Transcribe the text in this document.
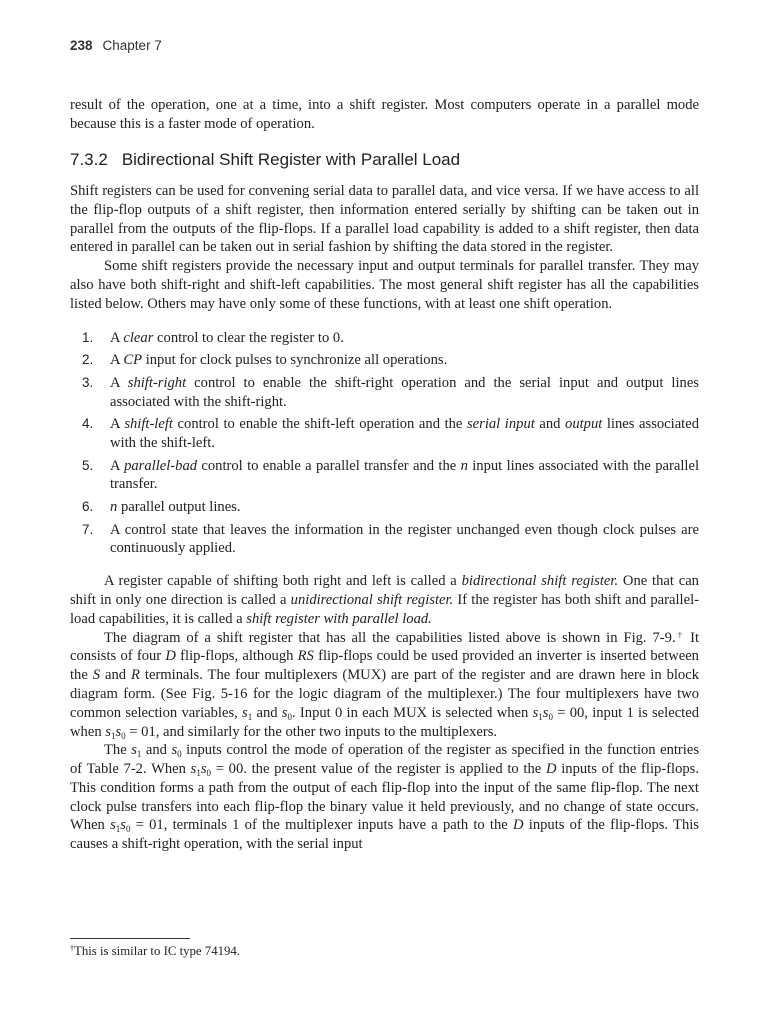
238 Chapter 7

result of the operation, one at a time, into a shift register. Most computers operate in a parallel mode because this is a faster mode of operation.

7.3.2 Bidirectional Shift Register with Parallel Load

Shift registers can be used for convening serial data to parallel data, and vice versa. If we have access to all the flip-flop outputs of a shift register, then information entered serially by shifting can be taken out in parallel from the outputs of the flip-flops. If a parallel load capability is added to a shift register, then data entered in parallel can be taken out in serial fashion by shifting the data stored in the register.

Some shift registers provide the necessary input and output terminals for parallel transfer. They may also have both shift-right and shift-left capabilities. The most general shift register has all the capabilities listed below. Others may have only some of these functions, with at least one shift operation.

1. A clear control to clear the register to 0.
2. A CP input for clock pulses to synchronize all operations.
3. A shift-right control to enable the shift-right operation and the serial input and output lines associated with the shift-right.
4. A shift-left control to enable the shift-left operation and the serial input and output lines associated with the shift-left.
5. A parallel-bad control to enable a parallel transfer and the n input lines associated with the parallel transfer.
6. n parallel output lines.
7. A control state that leaves the information in the register unchanged even though clock pulses are continuously applied.

A register capable of shifting both right and left is called a bidirectional shift register. One that can shift in only one direction is called a unidirectional shift register. If the register has both shift and parallel-load capabilities, it is called a shift register with parallel load.

The diagram of a shift register that has all the capabilities listed above is shown in Fig. 7-9.† It consists of four D flip-flops, although RS flip-flops could be used provided an inverter is inserted between the S and R terminals. The four multiplexers (MUX) are part of the register and are drawn here in block diagram form. (See Fig. 5-16 for the logic diagram of the multiplexer.) The four multiplexers have two common selection variables, $s_1$ and $s_0$. Input 0 in each MUX is selected when $s_1s_0 = 00$, input 1 is selected when $s_1s_0 = 01$, and similarly for the other two inputs to the multiplexers.

The $s_1$ and $s_0$ inputs control the mode of operation of the register as specified in the function entries of Table 7-2. When $s_1s_0 = 00$. the present value of the register is applied to the D inputs of the flip-flops. This condition forms a path from the output of each flip-flop into the input of the same flip-flop. The next clock pulse transfers into each flip-flop the binary value it held previously, and no change of state occurs. When $s_1s_0 = 01$, terminals 1 of the multiplexer inputs have a path to the D inputs of the flip-flops. This causes a shift-right operation, with the serial input

†This is similar to IC type 74194.
